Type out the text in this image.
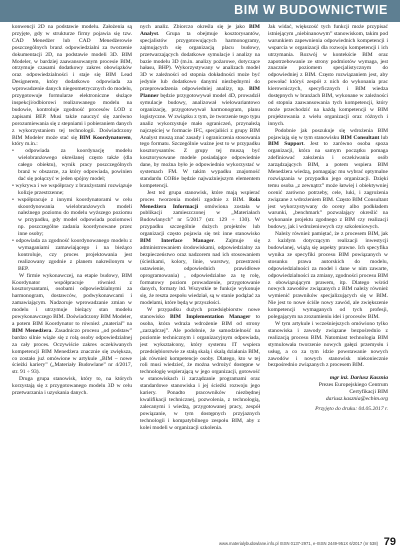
BIM W BUDOWNICTWIE

konwencji 2D na podstawie modelu. Założenia są przyjęte, gdy w strukturze firmy pojawia się tzw. CAD Menedżer lub CAD Menedżerowie poszczególnych branż odpowiedzialni za tworzenie dokumentacji 2D, na podstawie modeli 3D. BIM Modeler, w bardziej zaawansowanym procesie BIM, otrzymuje czasami dodatkowy zakres obowiązków oraz odpowiedzialności i staje się BIM Lead Designerem, który dodatkowo odpowiada za wprowadzenie danych niegeometrycznych do modelu, przygotowuje formularze elektroniczne służące inspekcji/odbiorowi realizowanego modelu na budowie, kontroluje zgodność procesów LOD z zapisami BEP. Musi także nauczyć się zarówno porozumiewania się z stepniami i pobieraniem danych z wykorzystaniem tej technologii. Doświadczony BIM Modeler może stać się BIM Koordynatorem, który m.in.:

• odpowiada za koordynację modelu wielobranżowego określanej często także (dla całego obiektu), wynik pracy poszczególnych branż w obszarze, za który odpowiada, powinien dać się połączyć w jeden spójny model;
• wykrywa i we współpracy z branżystami rozwiązuje kolizje przestrzenne;
• współpracuje z innymi koordynatorami w celu skoordynowania wielobranżowych modeli należnego poziomu do modelu wyższego poziomu w przypadku, gdy model odpowiada poziomowi np. poszczególne zadania koordynowane przez inne osoby;
• odpowiada za zgodność koordynowanego modelu z wymaganiami zamawiającego i na bieżąco kontroluje, czy proces projektowania jest realizowany zgodnie z planem nakreślonym w BEP.

W firmie wykonawczej, na etapie budowy, BIM Koordynator współpracuje również z kosztorysantami, osobami odpowiedzialnymi za harmonogram, dostawców, podwykonawcami i zamawiającym. Nadzoruje wprowadzanie zmian w modelu i utrzymuje bieżący stan modelu powykonawczego BIM. Doświadczony BIM Modeler, a potem BIM Koordynator to również „material” na BIM Menedżera. Zasadniczo procesu „od podstaw” bardzo silnie wiąże się z rolą osoby odpowiedzialnej za cały proces. Oczywiście zakres oczekiwanych kompetencji BIM Menedżera znacznie się zwiększa, co zostało już omówione w artykule „BIM – nowe ścieżki kariery” („Materiały Budowlane” nr 4/2017, str. 91 ÷ 93).

Druga grupa stanowisk, który to, na których korzystają się z przygotowanego modelu 3D w celu przetwarzania i uzyskania danych.

nych analiz. Zbiorczo określa się je jako BIM Analyst. Grupa ta obejmuje kosztorysantów, specjalistów przygotowujących harmonogramy, zajmujących się organizacją placu budowy, przetwarzających dodatkowe symulacje i analizy na bazie modelu 3D (m.in. analizy pożarowe, dotyczące hałasu, BHP). Wykorzystywany w analizach model 3D w zależności od stopnia dokładności może być jedynie lub dodatkowo danymi niezbędnymi do przeprowadzenia odpowiedniej analizy, np. BIM Planner będzie przygotowywał model 4D, prowadził symulacje budowy, analizował wielowariantowo organizację, przygotowywał harmonogram, planu logistyczne. W związku z tym, że tworzenie tego typu analiz wykorzystuje mało ograniczeń, przynależą najczęściej w formacie IFC, specjaliści z grupy BIM Analyst muszą znać zasady i ograniczenia stosowania tego formatu. Szczególnie ważne jest to w przypadku kosztorysantów. Z grupy tej muszą być kosztorysowane modele posiadające odpowiednie dane, by można było je odpowiednio wykorzystać w systemach FM. W takim wypadku znajomość standardu COBie będzie najważniejszym elementem kompetencji.

Jest też grupa stanowisk, które mają wspierać proces tworzenia modeli zgodnie z BIM. Rola Menedżera Informacji omówiona została w publikacji zamieszczonej w „Materiałach Budowlanych” nr 5/2017 (str. 129 ÷ 130). W przypadku szczególnie dużych projektów lub organizacji często pojawia się też inne stanowisko BIM Interface Manager. Zajmuje się administrowaniem środowiskami, odpowiedzialny za bezpieczeństwo oraz nadzorem nad ich stosowaniem (ścieżkami, kolory, linie, warstwy, przestrzeni ustawienie, odpowiednich prawidłowe oprogramowania) , odpowiedzialne za tę rolę, formatowy poziom prowadzenie, przygotowanie danych, formaty itd. Wszystkie te funkcje wykonuje się, że reszta zespołu wiedział, są w stanie podążać za modelami, które będą w przyszłości.

W przypadku dużych przedsiębiorstw nowe stanowisko BIM Implementation Manager to osoba, która wdraża wdrożenie BIM od strony „zarządczej”. Ale podobnie, że samodzielność na poziomie technicznym i organizacyjnym odpowiada, jest wykształcony, który systemu IT wspiera przedsiębiorstwie ze stałą skalą i skalą działania BIM, jak również kompetencje osoby. Dlatego, kto w tej roli musi wiedzieć, że można wdrożyć dostępne w technologię wspierającą w jego organizacji, gotowość w stanowiskach ii zarządzanie programami oraz standardowe stanowiska i jej ścieżki rozwoju jego kariery. Ponadto pracowników niezbędnej kwalifikacji technicznej, pozwolenia, z technologią, zalecanymi i wiedzą, przygotowanej pracy, zespół powiązanie, w tym dostępnych przyjaznych technologii i kompatybilnego zespołu BIM, aby z kolei modeli w organizacji szkolenia.

Jak widać, większość tych funkcji może przypisać istniejącym „niebinanowym” stanowiskom, takim pod warunkiem zapewnienia odpowiednich kompetencji i wsparcia w organizacji dla rozwoju kompetencji i ich utrzymania. Rozwój w kontekście BIM oraz zapotrzebowanie ze strony podmiotów wymaga, jest znacznie poziomem specjalistycznym do odpowiedniej z BIM. Często rozwiązaniem jest, aby powołać któryś zespół z nich do wykonania prac kierowniczych, specyficznych i BIM wiedza dostępnych w branżach BIM, wykonane w zależności od stopnia zaawansowania tych kompetencji, który może przechodzić na każdą kompetencji w BIM projektowania z wielu organizacji oraz różnych i innych.

Podobnie jak poszukuje się wdrożenia BIM pojawiają się w tym stanowisku BIM Consultant lub BIM Support. Jest to zarówno osoba spoza organizacji, która na samym początku pomaga zdefiniować założenia i oczekiwania osób zarządzających BIM, a potem wspiera BIM Menedżera wiedzą, pomagając mu wybrać optymalne rozwiązania w przypadku jego organizacji. Dzięki temu osoba „z zewnątrz” może łatwiej i obiektywniej ocenić zarówno potrzeby, cele, luki, i zagrożenia związane z wdrożeniem BIM. Często BIM Consultant jest wykorzystywany do oceny albo podkładem warunki, „benchmark” pozwalający określić na wykonanie projektu zgodnego z BIM czy realizacji budowy, jak i wdrożeniowych czy szkoleniowych.

Należy również pamiętać, że z procesem BIM, jak z każdym dotyczącym realizacji inwestycji budowlanej, wiążą się aspekty prawne. Ich specyfika wynika ze specyfiki procesu BIM powiązanych w stosunku prawa autorskich do modelu, odpowiedzialności za model i dane w nim zawarte, odpowiedzialności za zmiany, zgodności procesu BIM z obowiązującym prawem, itp. Dlatego wśród nowych zawodów związanych z BIM należy również wymienić prawników specjalizujących się w BIM. Nie jest to nowe ściśle nowy zawód, ale zwiększenie kompetencji wymaganych od tych profesji, polegającym na zrozumieniu idei i procesów BIM.

W tym artykule i wcześniejszych omówiono tylko stanowiska i zawody związane bezpośrednio z realizacją procesu BIM. Natomiast technologia BIM stymulowała tworzenie nowych gałęzi przemysłu i usług, a co za tym idzie powstawanie nowych zawodów i nowych stanowisk niekoniecznie bezpośrednio związanych z procesem BIM.

mgr inż. Dariusz Kasznia
Prezes Europejskiego Centrum
Certyfikacji BIM
dariusz.kasznia@ecbim.org
Przyjęto do druku: 04.05.2017 r.
www.materialybudowlane.info.pl ISSN 0137-2971, e-ISSN 2449-951X 6/2017 (nr 538) 79
